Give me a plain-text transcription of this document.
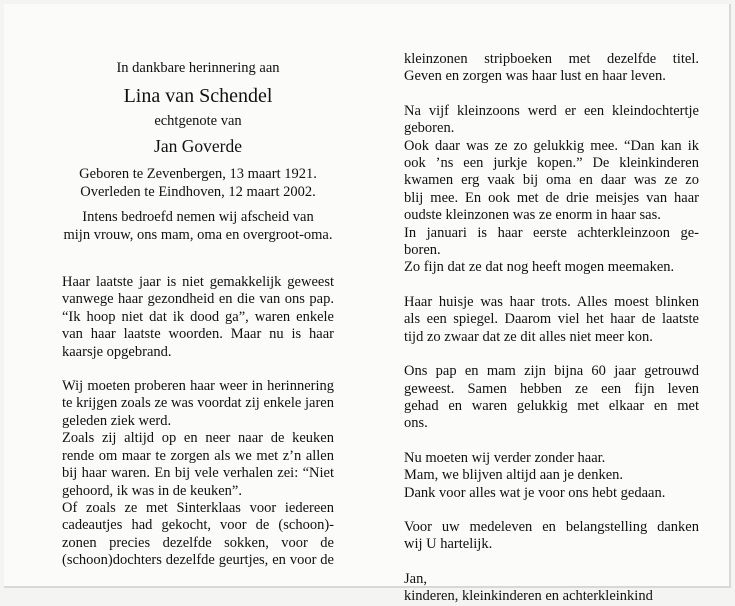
In dankbare herinnering aan
Lina van Schendel
echtgenote van
Jan Goverde
Geboren te Zevenbergen, 13 maart 1921.
Overleden te Eindhoven, 12 maart 2002.
Intens bedroefd nemen wij afscheid van
mijn vrouw, ons mam, oma en overgroot-oma.
Haar laatste jaar is niet gemakkelijk geweest
vanwege haar gezondheid en die van ons pap.
“Ik hoop niet dat ik dood ga”, waren enkele
van haar laatste woorden. Maar nu is haar
kaarsje opgebrand.
Wij moeten proberen haar weer in herinnering
te krijgen zoals ze was voordat zij enkele jaren
geleden ziek werd.
Zoals zij altijd op en neer naar de keuken
rende om maar te zorgen als we met z’n allen
bij haar waren. En bij vele verhalen zei: “Niet
gehoord, ik was in de keuken”.
Of zoals ze met Sinterklaas voor iedereen
cadeautjes had gekocht, voor de (schoon)-
zonen precies dezelfde sokken, voor de
(schoon)dochters dezelfde geurtjes, en voor de
kleinzonen stripboeken met dezelfde titel.
Geven en zorgen was haar lust en haar leven.
Na vijf kleinzoons werd er een kleindochtertje
geboren.
Ook daar was ze zo gelukkig mee. “Dan kan ik
ook ’ns een jurkje kopen.” De kleinkinderen
kwamen erg vaak bij oma en daar was ze zo
blij mee. En ook met de drie meisjes van haar
oudste kleinzonen was ze enorm in haar sas.
In januari is haar eerste achterkleinzoon ge-
boren.
Zo fijn dat ze dat nog heeft mogen meemaken.
Haar huisje was haar trots. Alles moest blinken
als een spiegel. Daarom viel het haar de laatste
tijd zo zwaar dat ze dit alles niet meer kon.
Ons pap en mam zijn bijna 60 jaar getrouwd
geweest. Samen hebben ze een fijn leven
gehad en waren gelukkig met elkaar en met
ons.
Nu moeten wij verder zonder haar.
Mam, we blijven altijd aan je denken.
Dank voor alles wat je voor ons hebt gedaan.
Voor uw medeleven en belangstelling danken
wij U hartelijk.
Jan,
kinderen, kleinkinderen en achterkleinkind
